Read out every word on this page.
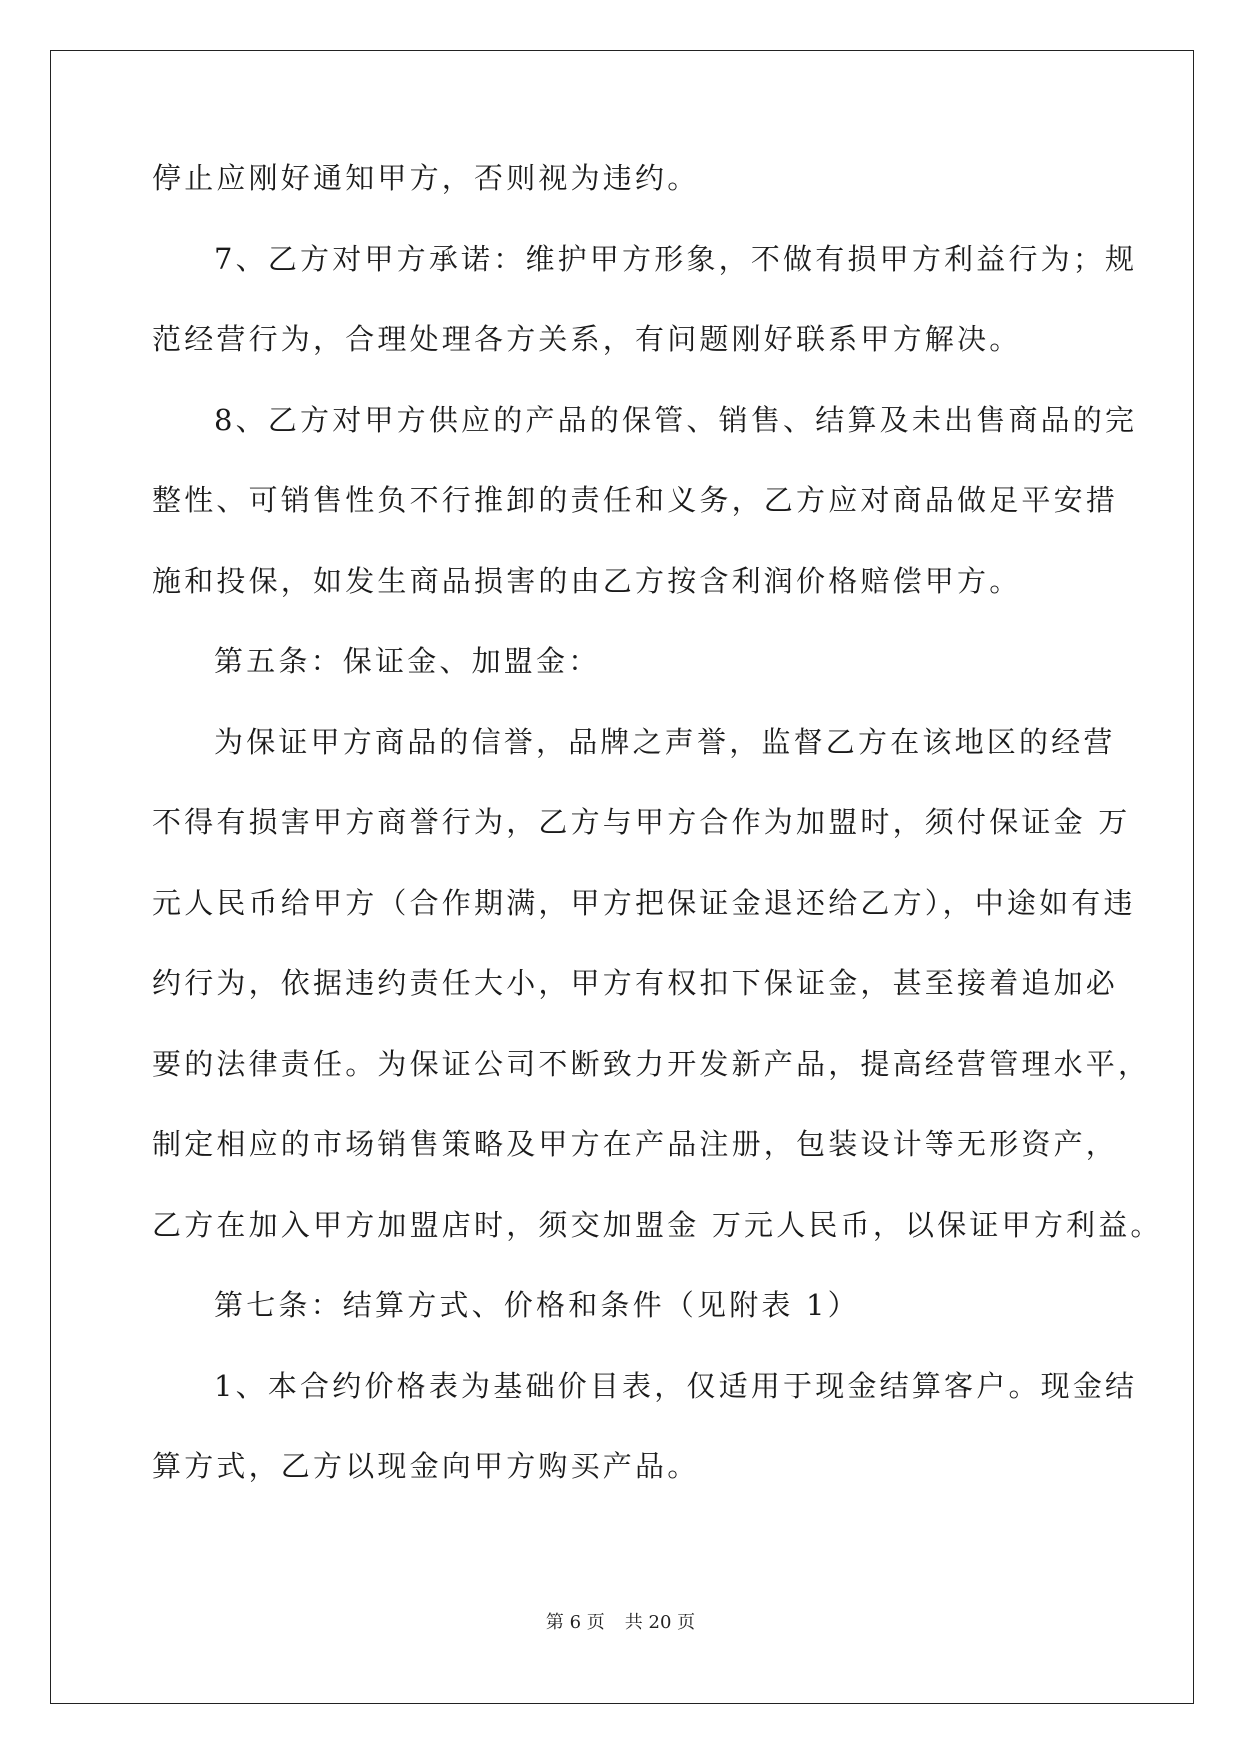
停止应刚好通知甲方，否则视为违约。
7、乙方对甲方承诺：维护甲方形象，不做有损甲方利益行为；规
范经营行为，合理处理各方关系，有问题刚好联系甲方解决。
8、乙方对甲方供应的产品的保管、销售、结算及未出售商品的完
整性、可销售性负不行推卸的责任和义务，乙方应对商品做足平安措
施和投保，如发生商品损害的由乙方按含利润价格赔偿甲方。
第五条：保证金、加盟金：
为保证甲方商品的信誉，品牌之声誉，监督乙方在该地区的经营
不得有损害甲方商誉行为，乙方与甲方合作为加盟时，须付保证金 万
元人民币给甲方（合作期满，甲方把保证金退还给乙方），中途如有违
约行为，依据违约责任大小，甲方有权扣下保证金，甚至接着追加必
要的法律责任。为保证公司不断致力开发新产品，提高经营管理水平，
制定相应的市场销售策略及甲方在产品注册，包装设计等无形资产，
乙方在加入甲方加盟店时，须交加盟金 万元人民币，以保证甲方利益。
第七条：结算方式、价格和条件（见附表 1）
1、本合约价格表为基础价目表，仅适用于现金结算客户。现金结
算方式，乙方以现金向甲方购买产品。
第 6 页 共 20 页
